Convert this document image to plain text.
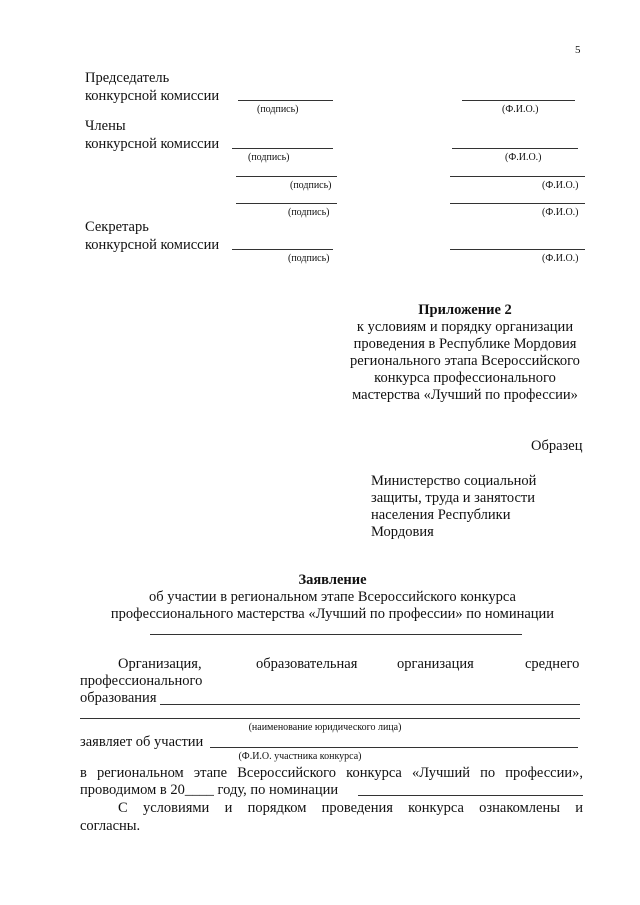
5
Председатель
конкурсной комиссии
(подпись)	(Ф.И.О.)
Члены
конкурсной комиссии
(подпись)	(Ф.И.О.)
(подпись)	(Ф.И.О.)
(подпись)	(Ф.И.О.)
Секретарь
конкурсной комиссии
(подпись)	(Ф.И.О.)
Приложение 2
к условиям и порядку организации
проведения в Республике Мордовия
регионального этапа Всероссийского
конкурса профессионального
мастерства «Лучший по профессии»
Образец
Министерство социальной
защиты, труда и занятости
населения Республики
Мордовия
Заявление
об участии в региональном этапе Всероссийского конкурса
профессионального мастерства «Лучший по профессии» по номинации
Организация,	образовательная	организация	среднего
профессионального
образования
(наименование юридического лица)
заявляет об участии
(Ф.И.О. участника конкурса)
в региональном этапе Всероссийского конкурса «Лучший по профессии»,
проводимом в 20____ году, по номинации
С условиями и порядком проведения конкурса ознакомлены и
согласны.
